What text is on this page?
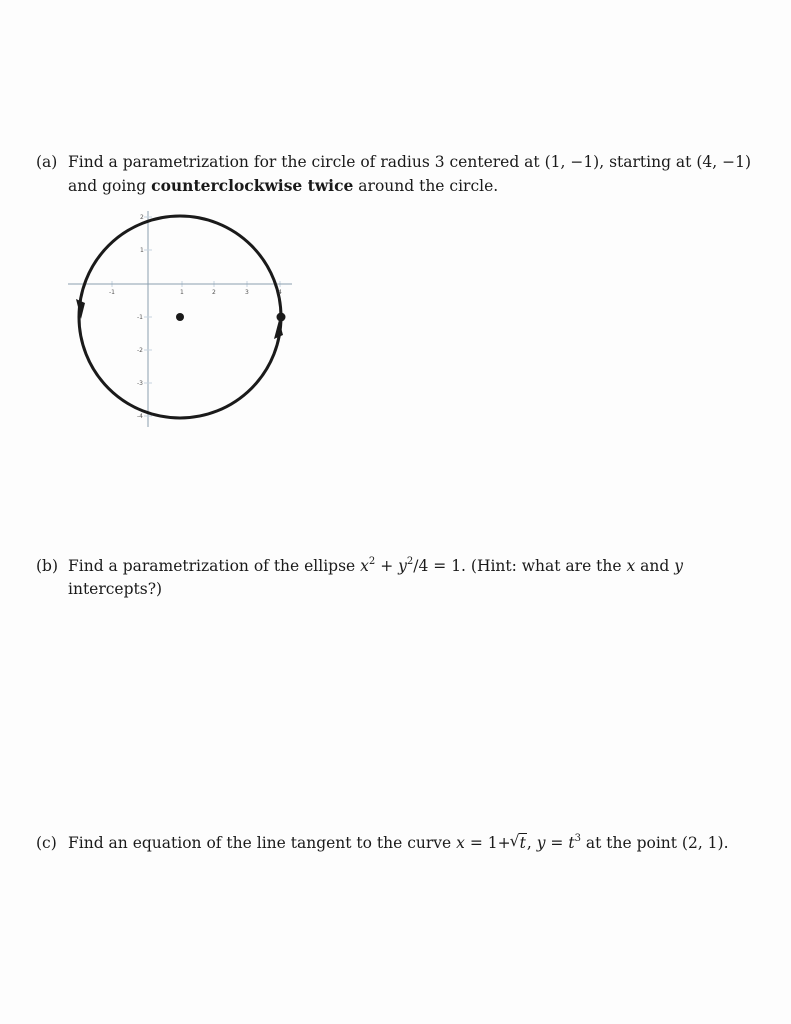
(a) Find a parametrization for the circle of radius 3 centered at (1, −1), starting at (4, −1)
and going counterclockwise twice around the circle.
-1	1	2	3	4
2
1
-1
-2
-3
-4
(b) Find a parametrization of the ellipse $x^2 + y^2/4 = 1$. (Hint: what are the x and y
intercepts?)
(c) Find an equation of the line tangent to the curve x = 1+√ t, $y = t^3$ at the point (2, 1).
